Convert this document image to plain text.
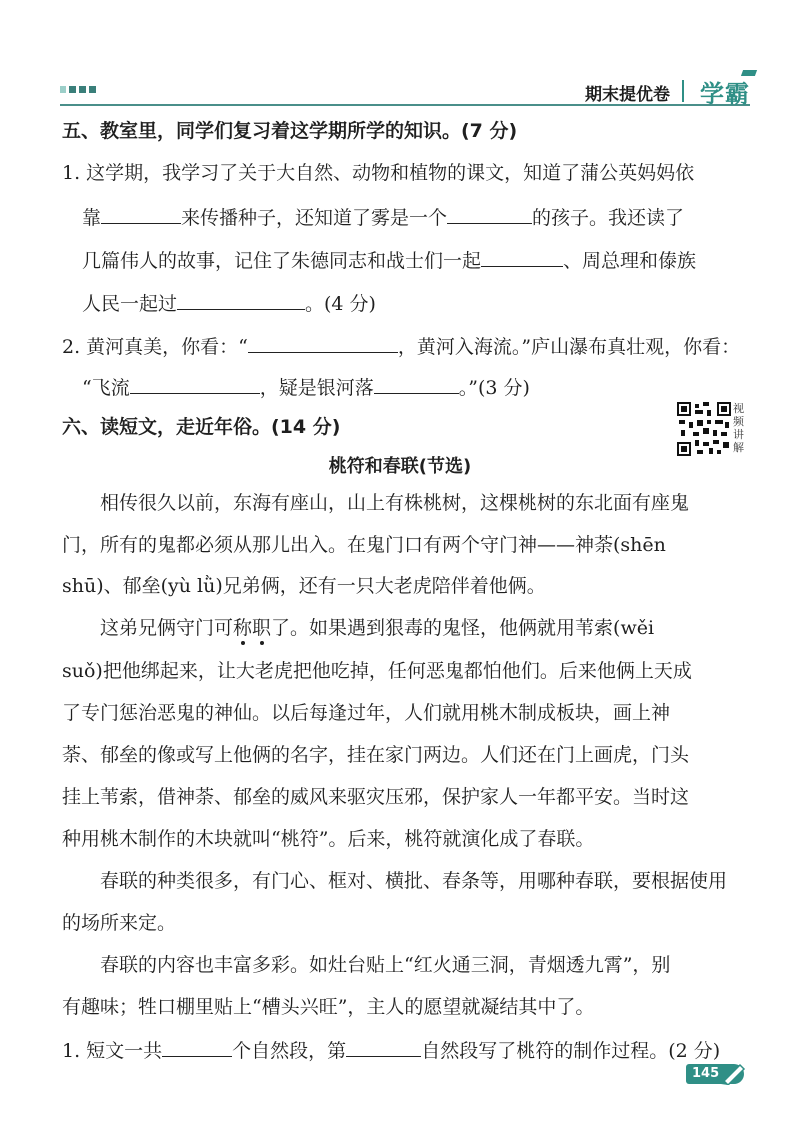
期末提优卷 学霸
五、教室里，同学们复习着这学期所学的知识。(7 分)
1. 这学期，我学习了关于大自然、动物和植物的课文，知道了蒲公英妈妈依
靠	来传播种子，还知道了雾是一个	的孩子。我还读了
几篇伟人的故事，记住了朱德同志和战士们一起	、周总理和傣族
人民一起过	。(4 分)
2. 黄河真美，你看：“	，黄河入海流。”庐山瀑布真壮观，你看：
“飞流	，疑是银河落	。”(3 分)
六、读短文，走近年俗。(14 分)
视频讲解
桃符和春联(节选)
相传很久以前，东海有座山，山上有株桃树，这棵桃树的东北面有座鬼
门，所有的鬼都必须从那儿出入。在鬼门口有两个守门神——神荼(shēn
shū)、郁垒(yù lǜ)兄弟俩，还有一只大老虎陪伴着他俩。
这弟兄俩守门可称职了。如果遇到狠毒的鬼怪，他俩就用苇索(wěi
suǒ)把他绑起来，让大老虎把他吃掉，任何恶鬼都怕他们。后来他俩上天成
了专门惩治恶鬼的神仙。以后每逢过年，人们就用桃木制成板块，画上神
荼、郁垒的像或写上他俩的名字，挂在家门两边。人们还在门上画虎，门头
挂上苇索，借神荼、郁垒的威风来驱灾压邪，保护家人一年都平安。当时这
种用桃木制作的木块就叫“桃符”。后来，桃符就演化成了春联。
春联的种类很多，有门心、框对、横批、春条等，用哪种春联，要根据使用
的场所来定。
春联的内容也丰富多彩。如灶台贴上“红火通三洞，青烟透九霄”，别
有趣味；牲口棚里贴上“槽头兴旺”，主人的愿望就凝结其中了。
1. 短文一共	个自然段，第	自然段写了桃符的制作过程。(2 分)
145
